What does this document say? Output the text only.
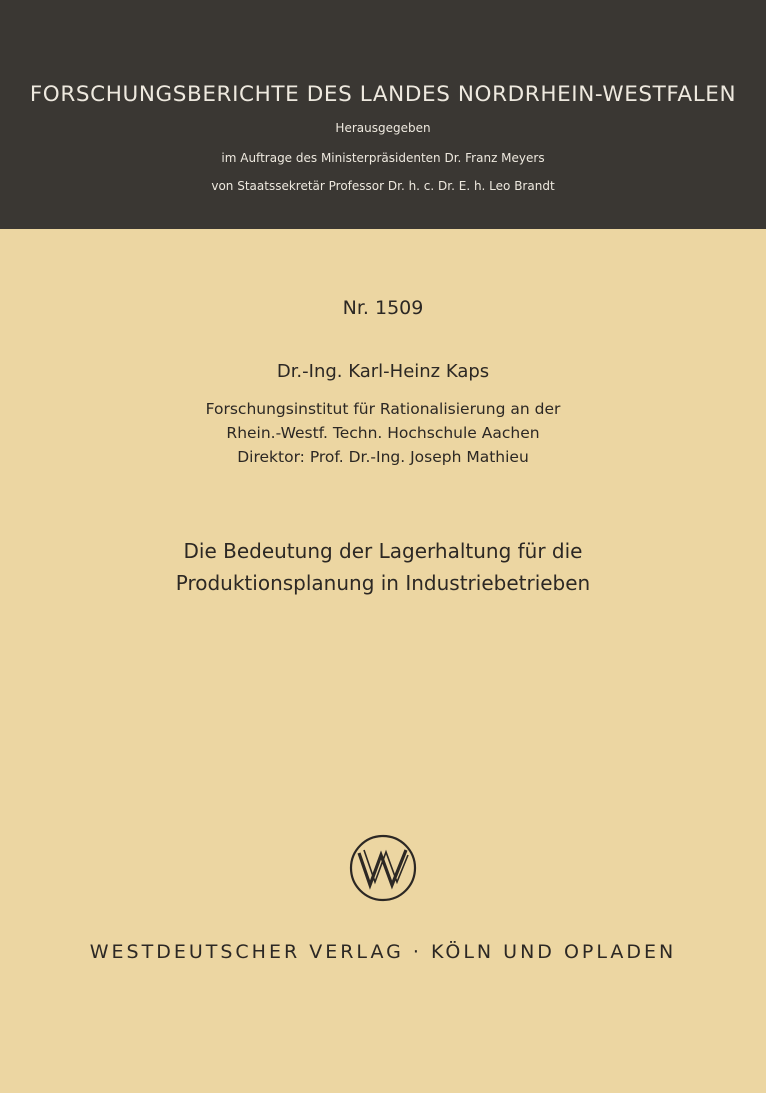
FORSCHUNGSBERICHTE DES LANDES NORDRHEIN-WESTFALEN
Herausgegeben
im Auftrage des Ministerpräsidenten Dr. Franz Meyers
von Staatssekretär Professor Dr. h. c. Dr. E. h. Leo Brandt
Nr. 1509
Dr.-Ing. Karl-Heinz Kaps
Forschungsinstitut für Rationalisierung an der
Rhein.-Westf. Techn. Hochschule Aachen
Direktor: Prof. Dr.-Ing. Joseph Mathieu
Die Bedeutung der Lagerhaltung für die
Produktionsplanung in Industriebetrieben
WESTDEUTSCHER VERLAG · KÖLN UND OPLADEN
